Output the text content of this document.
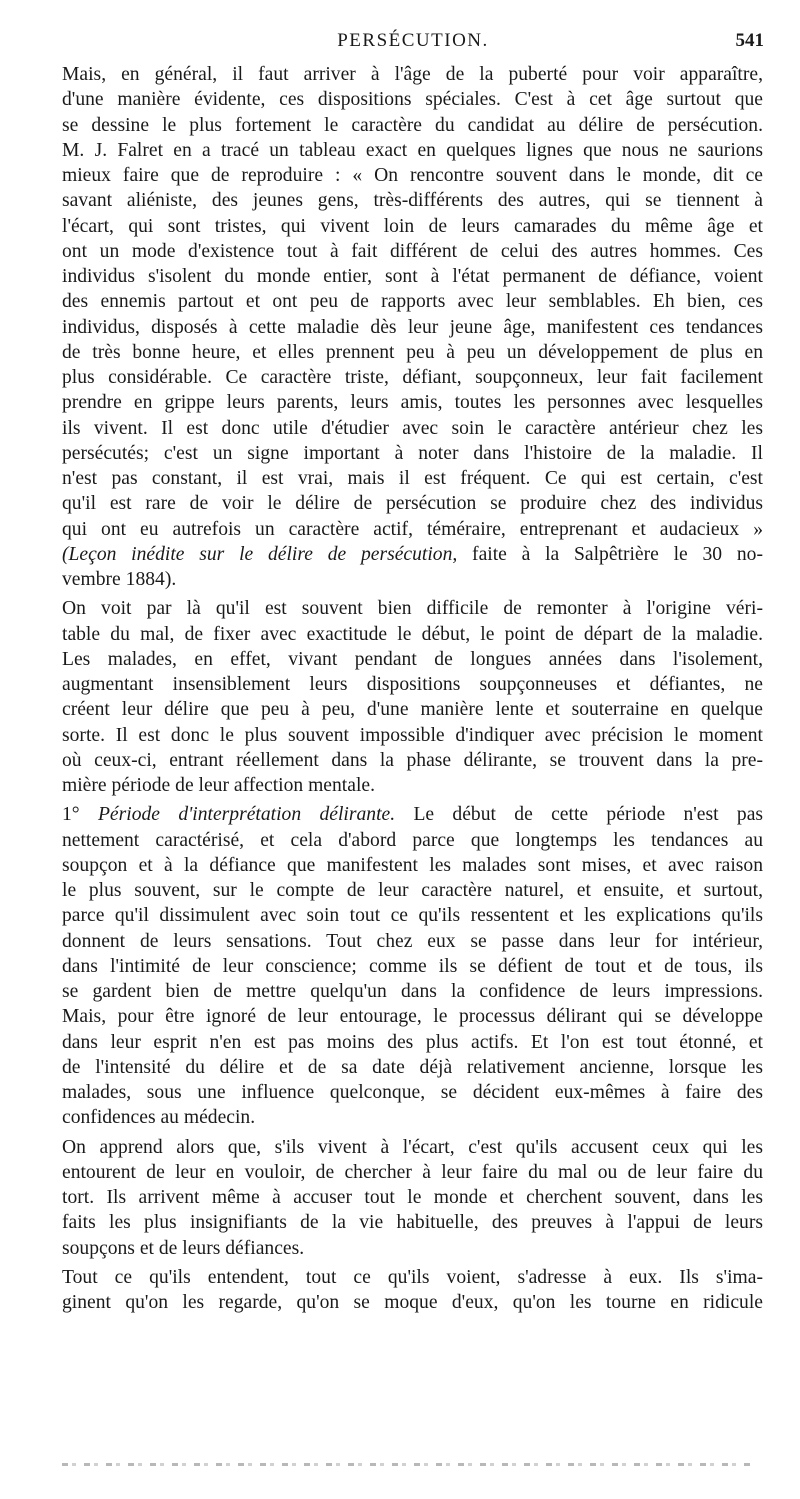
PERSÉCUTION.	541

Mais, en général, il faut arriver à l'âge de la puberté pour voir apparaître,
d'une manière évidente, ces dispositions spéciales. C'est à cet âge surtout que
se dessine le plus fortement le caractère du candidat au délire de persécution.
M. J. Falret en a tracé un tableau exact en quelques lignes que nous ne saurions
mieux faire que de reproduire : « On rencontre souvent dans le monde, dit ce
savant aliéniste, des jeunes gens, très-différents des autres, qui se tiennent à
l'écart, qui sont tristes, qui vivent loin de leurs camarades du même âge et
ont un mode d'existence tout à fait différent de celui des autres hommes. Ces
individus s'isolent du monde entier, sont à l'état permanent de défiance, voient
des ennemis partout et ont peu de rapports avec leur semblables. Eh bien, ces
individus, disposés à cette maladie dès leur jeune âge, manifestent ces tendances
de très bonne heure, et elles prennent peu à peu un développement de plus en
plus considérable. Ce caractère triste, défiant, soupçonneux, leur fait facilement
prendre en grippe leurs parents, leurs amis, toutes les personnes avec lesquelles
ils vivent. Il est donc utile d'étudier avec soin le caractère antérieur chez les
persécutés; c'est un signe important à noter dans l'histoire de la maladie. Il
n'est pas constant, il est vrai, mais il est fréquent. Ce qui est certain, c'est
qu'il est rare de voir le délire de persécution se produire chez des individus
qui ont eu autrefois un caractère actif, téméraire, entreprenant et audacieux »
(Leçon inédite sur le délire de persécution, faite à la Salpêtrière le 30 no-
vembre 1884).

On voit par là qu'il est souvent bien difficile de remonter à l'origine véri-
table du mal, de fixer avec exactitude le début, le point de départ de la maladie.
Les malades, en effet, vivant pendant de longues années dans l'isolement,
augmentant insensiblement leurs dispositions soupçonneuses et défiantes, ne
créent leur délire que peu à peu, d'une manière lente et souterraine en quelque
sorte. Il est donc le plus souvent impossible d'indiquer avec précision le moment
où ceux-ci, entrant réellement dans la phase délirante, se trouvent dans la pre-
mière période de leur affection mentale.

1° Période d'interprétation délirante. Le début de cette période n'est pas
nettement caractérisé, et cela d'abord parce que longtemps les tendances au
soupçon et à la défiance que manifestent les malades sont mises, et avec raison
le plus souvent, sur le compte de leur caractère naturel, et ensuite, et surtout,
parce qu'il dissimulent avec soin tout ce qu'ils ressentent et les explications qu'ils
donnent de leurs sensations. Tout chez eux se passe dans leur for intérieur,
dans l'intimité de leur conscience; comme ils se défient de tout et de tous, ils
se gardent bien de mettre quelqu'un dans la confidence de leurs impressions.
Mais, pour être ignoré de leur entourage, le processus délirant qui se développe
dans leur esprit n'en est pas moins des plus actifs. Et l'on est tout étonné, et
de l'intensité du délire et de sa date déjà relativement ancienne, lorsque les
malades, sous une influence quelconque, se décident eux-mêmes à faire des
confidences au médecin.

On apprend alors que, s'ils vivent à l'écart, c'est qu'ils accusent ceux qui les
entourent de leur en vouloir, de chercher à leur faire du mal ou de leur faire du
tort. Ils arrivent même à accuser tout le monde et cherchent souvent, dans les
faits les plus insignifiants de la vie habituelle, des preuves à l'appui de leurs
soupçons et de leurs défiances.

Tout ce qu'ils entendent, tout ce qu'ils voient, s'adresse à eux. Ils s'ima-
ginent qu'on les regarde, qu'on se moque d'eux, qu'on les tourne en ridicule
